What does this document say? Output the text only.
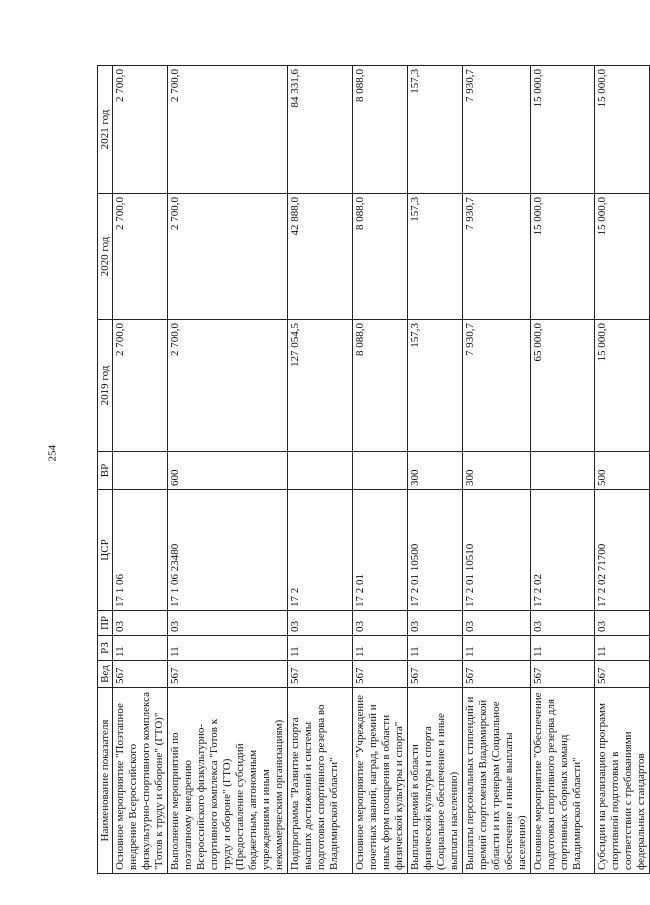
254
Наименование показателя	Вед	РЗ	ПР	ЦСР	ВР	2019 год	2020 год	2021 год
Основное мероприятие "Поэтапное внедрение Всероссийского физкультурно-спортивного комплекса "Готов к труду и обороне" (ГТО)"	567	11	03	17 1 06		2 700,0	2 700,0	2 700,0
Выполнение мероприятий по поэтапному внедрению Всероссийского физкультурно-спортивного комплекса "Готов к труду и обороне" (ГТО) (Предоставление субсидий бюджетным, автономным учреждениям и иным некоммерческим организациям)	567	11	03	17 1 06 23480	600	2 700,0	2 700,0	2 700,0
Подпрограмма "Развитие спорта высших достижений и системы подготовки спортивного резерва во Владимирской области"	567	11	03	17 2		127 054,5	42 888,0	84 331,6
Основное мероприятие "Учреждение почетных званий, наград, премий и иных форм поощрения в области физической культуры и спорта"	567	11	03	17 2 01		8 088,0	8 088,0	8 088,0
Выплата премий в области физической культуры и спорта (Социальное обеспечение и иные выплаты населению)	567	11	03	17 2 01 10500	300	157,3	157,3	157,3
Выплаты персональных стипендий и премий спортсменам Владимирской области и их тренерам (Социальное обеспечение и иные выплаты населению)	567	11	03	17 2 01 10510	300	7 930,7	7 930,7	7 930,7
Основное мероприятие "Обеспечение подготовки спортивного резерва для спортивных сборных команд Владимирской области"	567	11	03	17 2 02		65 000,0	15 000,0	15 000,0
Субсидии на реализацию программ спортивной подготовки в соответствии с требованиями федеральных стандартов	567	11	03	17 2 02 71700	500	15 000,0	15 000,0	15 000,0
